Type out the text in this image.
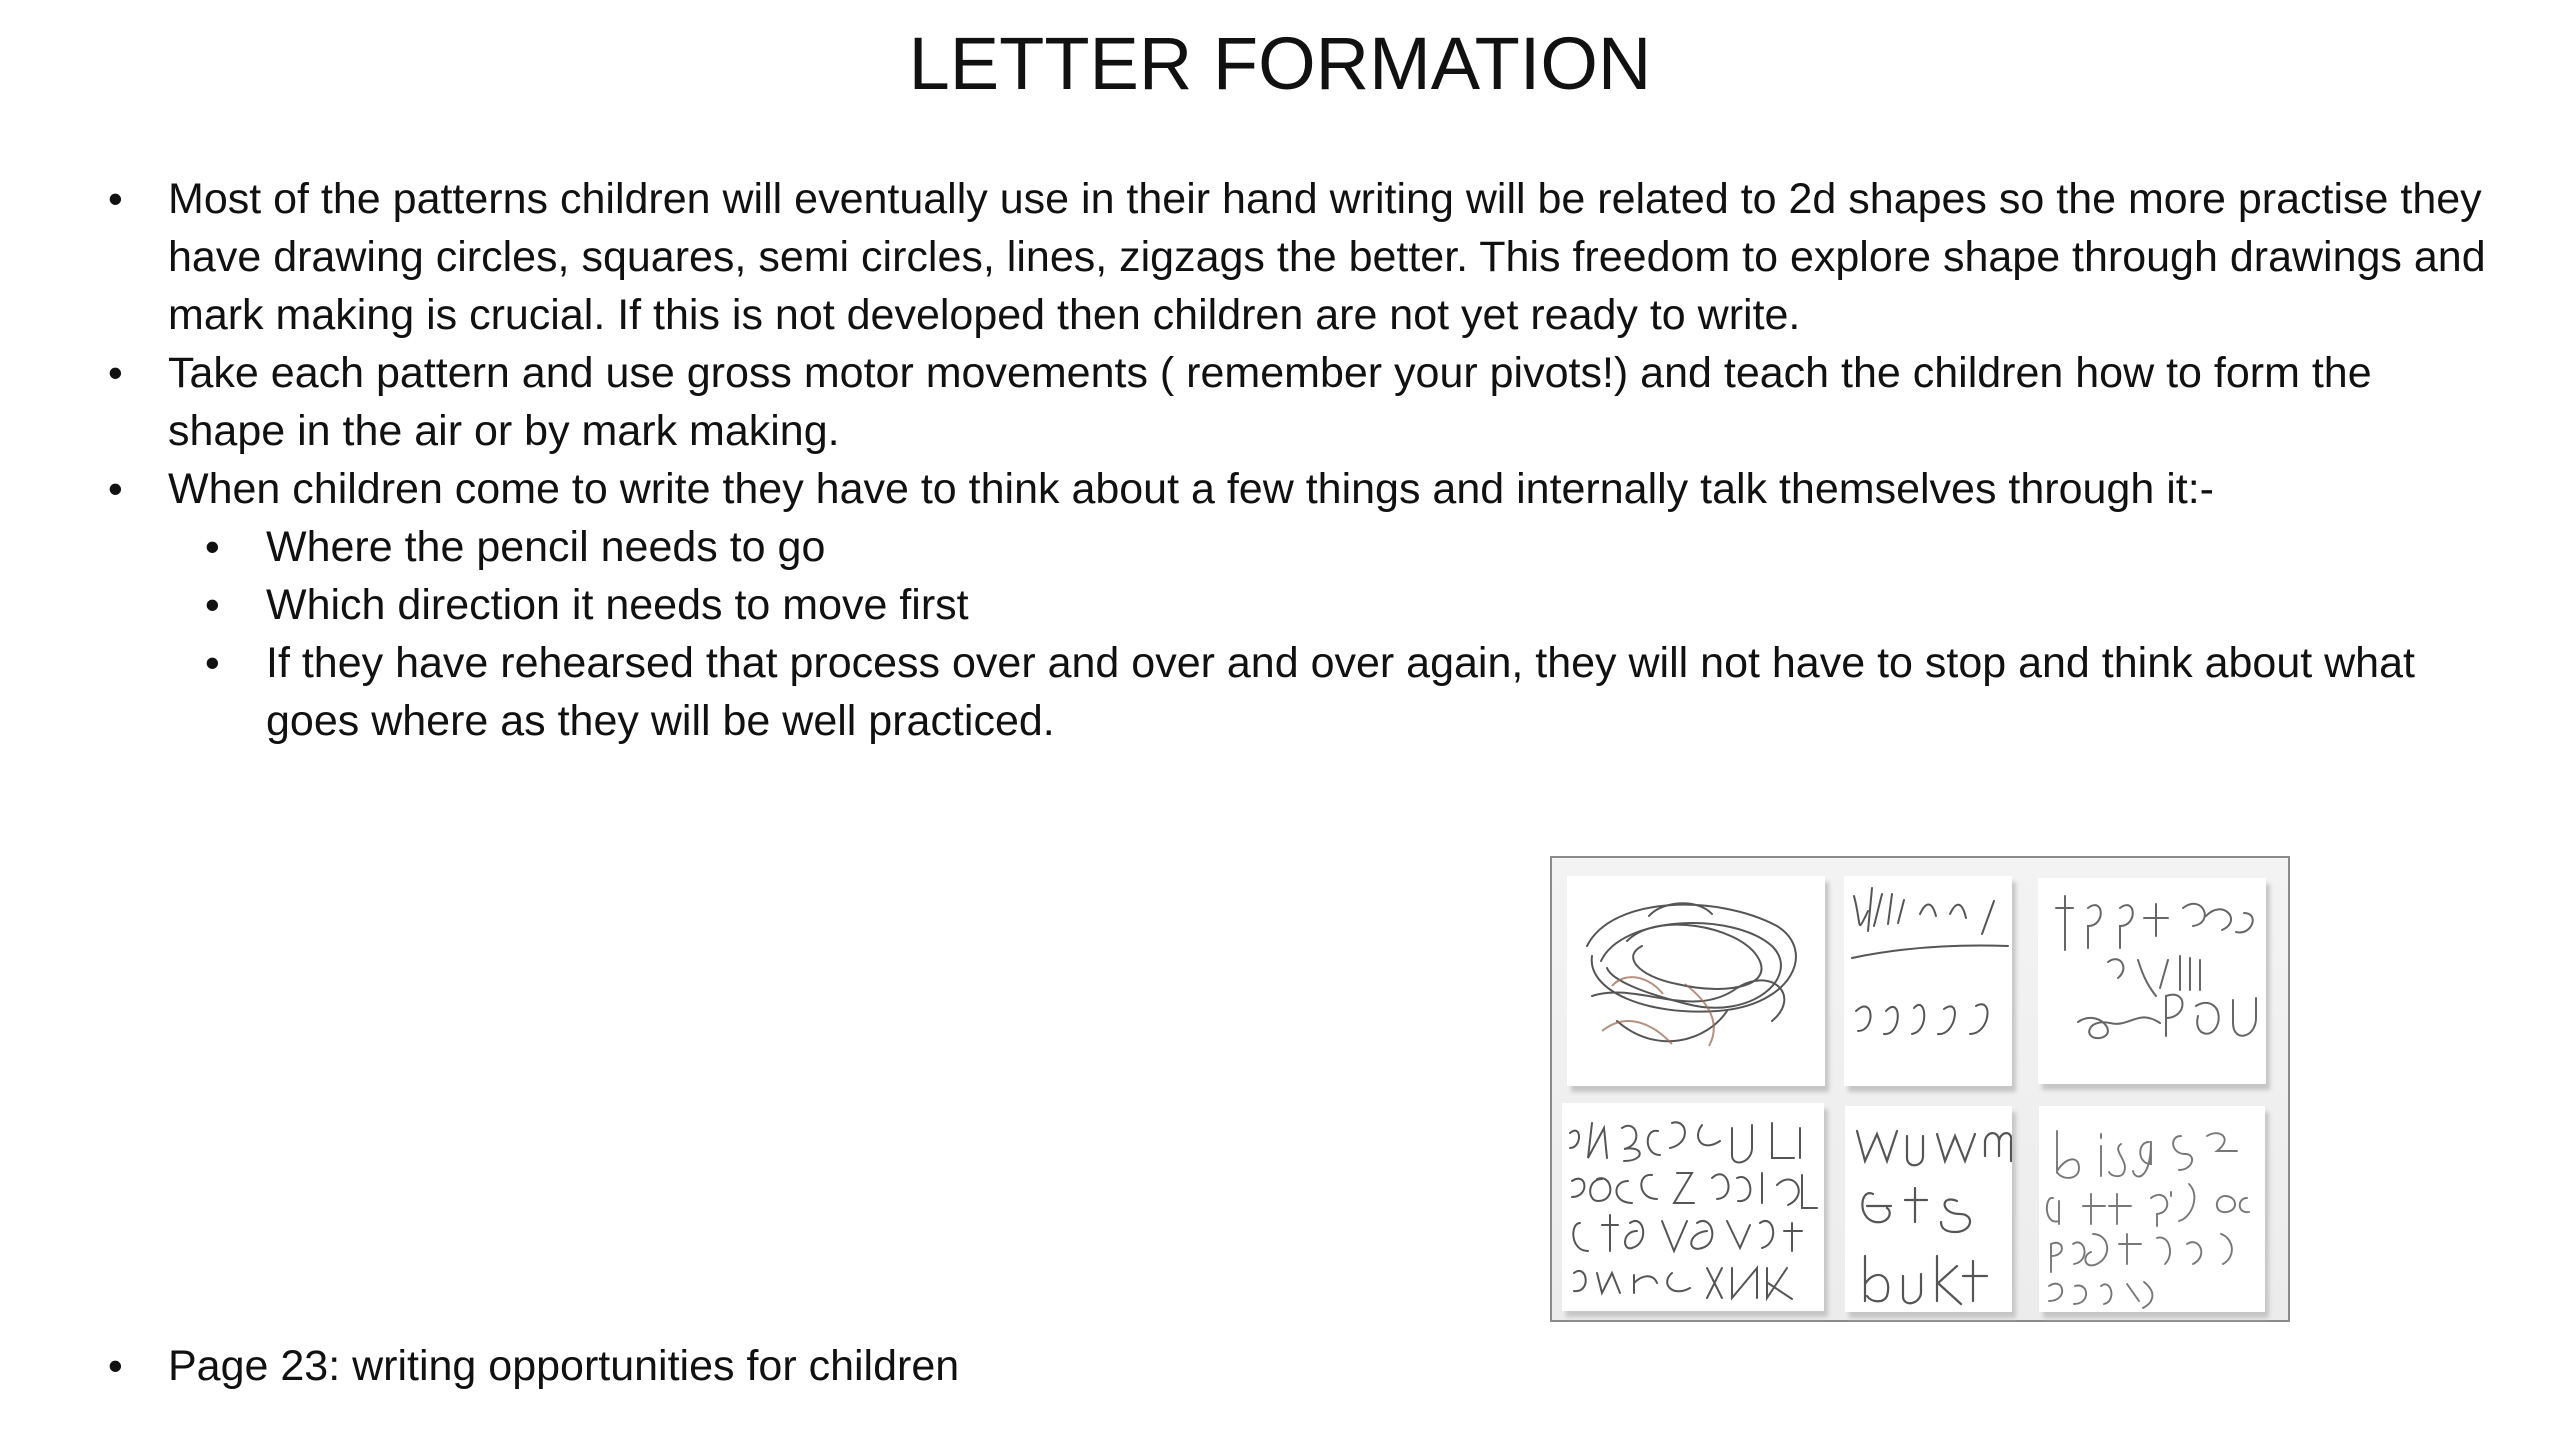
LETTER FORMATION

• Most of the patterns children will eventually use in their hand writing will be related to 2d shapes so the more practise they have drawing circles, squares, semi circles, lines, zigzags the better. This freedom to explore shape through drawings and mark making is crucial. If this is not developed then children are not yet ready to write.

• Take each pattern and use gross motor movements ( remember your pivots!) and teach the children how to form the shape in the air or by mark making.

• When children come to write they have to think about a few things and internally talk themselves through it:-

• Where the pencil needs to go

• Which direction it needs to move first

• If they have rehearsed that process over and over and over again, they will not have to stop and think about what goes where as they will be well practiced.

• Page 23: writing opportunities for children
